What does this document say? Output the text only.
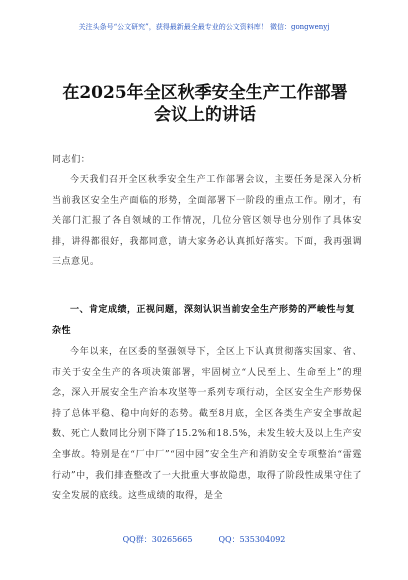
关注头条号“公文研究”，获得最新最全最专业的公文资料库！ 微信：gongwenyj
在2025年全区秋季安全生产工作部署
会议上的讲话
同志们：

今天我们召开全区秋季安全生产工作部署会议，主要任务是深入分析当前我区安全生产面临的形势，全面部署下一阶段的重点工作。刚才，有关部门汇报了各自领域的工作情况，几位分管区领导也分别作了具体安排，讲得都很好，我都同意，请大家务必认真抓好落实。下面，我再强调三点意见。

一、肯定成绩，正视问题，深刻认识当前安全生产形势的严峻性与复杂性

今年以来，在区委的坚强领导下，全区上下认真贯彻落实国家、省、市关于安全生产的各项决策部署，牢固树立“人民至上、生命至上”的理念，深入开展安全生产治本攻坚等一系列专项行动，全区安全生产形势保持了总体平稳、稳中向好的态势。截至8月底，全区各类生产安全事故起数、死亡人数同比分别下降了15.2%和18.5%，未发生较大及以上生产安全事故。特别是在“厂中厂”“园中园”安全生产和消防安全专项整治“雷霆行动”中，我们排查整改了一大批重大事故隐患，取得了阶段性成果守住了安全发展的底线。这些成绩的取得，是全

QQ群：30265665	QQ：535304092
